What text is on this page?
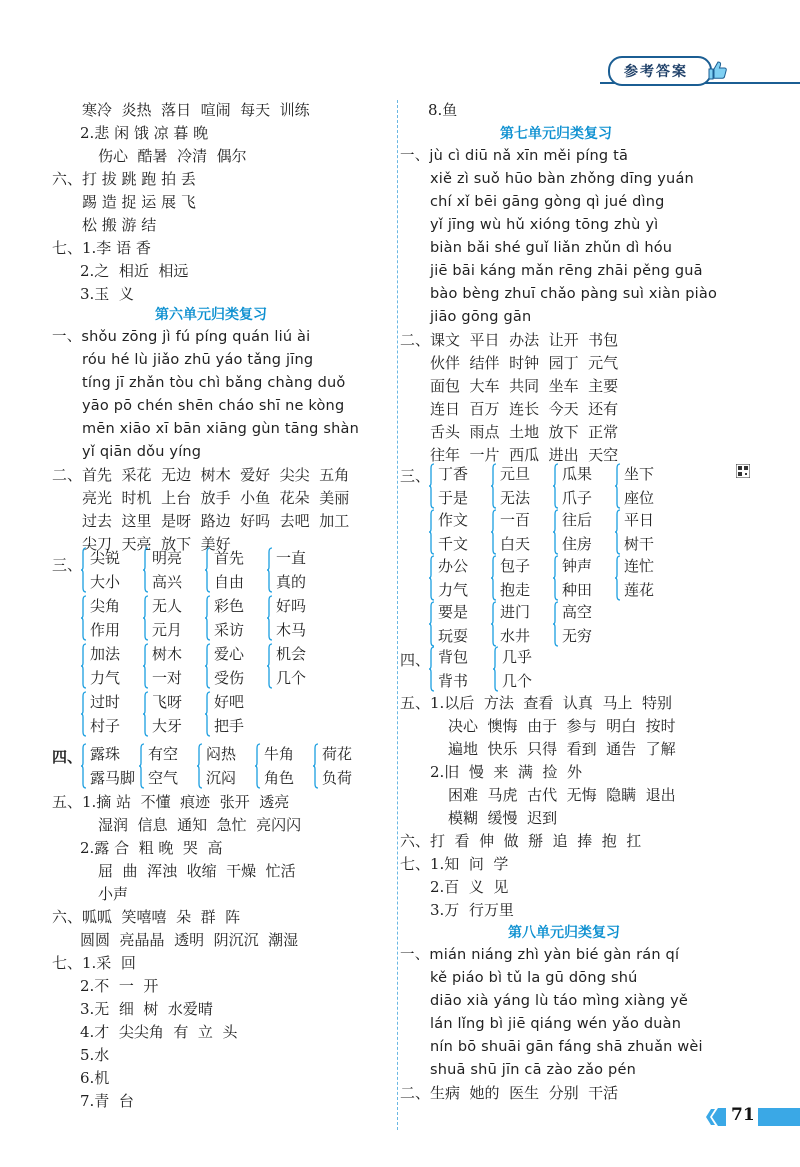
参考答案
寒冷  炎热  落日  喧闹  每天  训练
2.悲 闲 饿 凉 暮 晚
伤心  酷暑  冷清  偶尔
六、打 拔 跳 跑 拍 丢
踢 造 捉 运 展 飞
松 搬 游 结
七、1.李 语 香
2.之  相近  相远
3.玉  义
第六单元归类复习
一、shǒu zōng jì fú píng quán liú ài
róu hé lù jiǎo zhū yáo tǎng jīng
tíng jī zhǎn tòu chì bǎng chàng duǒ
yāo pō chén shēn cháo shī ne kòng
mēn xiāo xī bān xiāng gùn tāng shàn
yǐ qiān dǒu yíng
二、首先  采花  无边  树木  爱好  尖尖  五角
亮光  时机  上台  放手  小鱼  花朵  美丽
过去  这里  是呀  路边  好吗  去吧  加工
尖刀  天亮  放下  美好
三、 尖锐
大小
明亮
高兴
首先
自由
一直
真的
尖角
作用
无人
元月
彩色
采访
好吗
木马
加法
力气
树木
一对
爱心
受伤
机会
几个
过时
村子
飞呀
大牙
好吧
把手
四、 露珠
露马脚
有空
空气
闷热
沉闷
牛角
角色
荷花
负荷
五、1.摘 站  不懂  痕迹  张开  透亮
湿润  信息  通知  急忙  亮闪闪
2.露 合  粗 晚  哭  高
屈  曲  浑浊  收缩  干燥  忙活
小声
六、呱呱  笑嘻嘻  朵  群  阵
圆圆  亮晶晶  透明  阴沉沉  潮湿
七、1.采  回
2.不  一  开
3.无  细  树  水爱晴
4.才  尖尖角  有  立  头
5.水
6.机
7.青  台
8.鱼
第七单元归类复习
一、jù cì diū nǎ xīn měi píng tā
xiě zì suǒ hūo bàn zhǒng dīng yuán
chí xǐ bēi gāng gòng qì jué dìng
yǐ jīng wù hǔ xióng tōng zhù yì
biàn bǎi shé guǐ liǎn zhǔn dì hóu
jiē bāi káng mǎn rēng zhāi pěng guā
bào bèng zhuī chǎo pàng suì xiàn piào
jiāo gōng gān
二、课文  平日  办法  让开  书包
伙伴  结伴  时钟  园丁  元气
面包  大车  共同  坐车  主要
连日  百万  连长  今天  还有
舌头  雨点  土地  放下  正常
往年  一片  西瓜  进出  天空
三、 丁香
于是
元旦
无法
瓜果
爪子
坐下
座位
作文
千文
一百
白天
往后
住房
平日
树干
办公
力气
包子
抱走
钟声
种田
连忙
莲花
要是
玩耍
进门
水井
高空
无穷
四、 背包
背书
几乎
几个
五、1.以后  方法  查看  认真  马上  特别
决心  懊悔  由于  参与  明白  按时
遍地  快乐  只得  看到  通告  了解
2.旧  慢  来  满  捡  外
困难  马虎  古代  无悔  隐瞒  退出
模糊  缓慢  迟到
六、打  看  伸  做  掰  追  捧  抱  扛
七、1.知  问  学
2.百  义  见
3.万  行万里
第八单元归类复习
一、mián niáng zhì yàn bié gàn rán qí
kě piáo bì tǔ la gū dōng shú
diāo xià yáng lù táo mìng xiàng yě
lán lǐng bì jiē qiáng wén yǎo duàn
nín bō shuāi gān fáng shā zhuǎn wèi
shuā shū jīn cā zào zǎo pén
二、生病  她的  医生  分别  干活
71
